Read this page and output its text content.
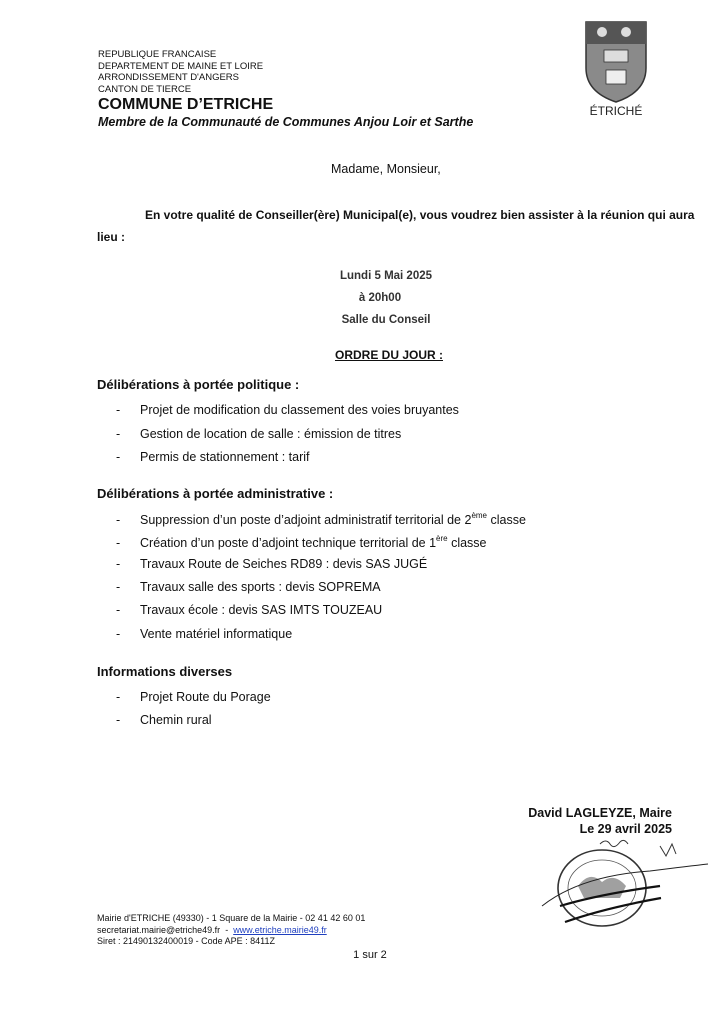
REPUBLIQUE FRANCAISE
DEPARTEMENT DE MAINE ET LOIRE
ARRONDISSEMENT D'ANGERS
CANTON DE TIERCE
COMMUNE D’ETRICHE
Membre de la Communauté de Communes Anjou Loir et Sarthe
ÉTRICHÉ
Madame, Monsieur,
En votre qualité de Conseiller(ère) Municipal(e), vous voudrez bien assister à la réunion qui aura lieu :
Lundi 5 Mai 2025
à 20h00
Salle du Conseil
ORDRE DU JOUR :
Délibérations à portée politique :
- Projet de modification du classement des voies bruyantes
- Gestion de location de salle : émission de titres
- Permis de stationnement : tarif
Délibérations à portée administrative :
- Suppression d’un poste d’adjoint administratif territorial de 2ème classe
- Création d’un poste d’adjoint technique territorial de 1ère classe
- Travaux Route de Seiches RD89 : devis SAS JUGÉ
- Travaux salle des sports : devis SOPREMA
- Travaux école : devis SAS IMTS TOUZEAU
- Vente matériel informatique
Informations diverses
- Projet Route du Porage
- Chemin rural
David LAGLEYZE, Maire
Le 29 avril 2025
Mairie d'ETRICHE (49330) - 1 Square de la Mairie - 02 41 42 60 01
secretariat.mairie@etriche49.fr  -  www.etriche.mairie49.fr
Siret : 21490132400019 - Code APE : 8411Z
1 sur 2
